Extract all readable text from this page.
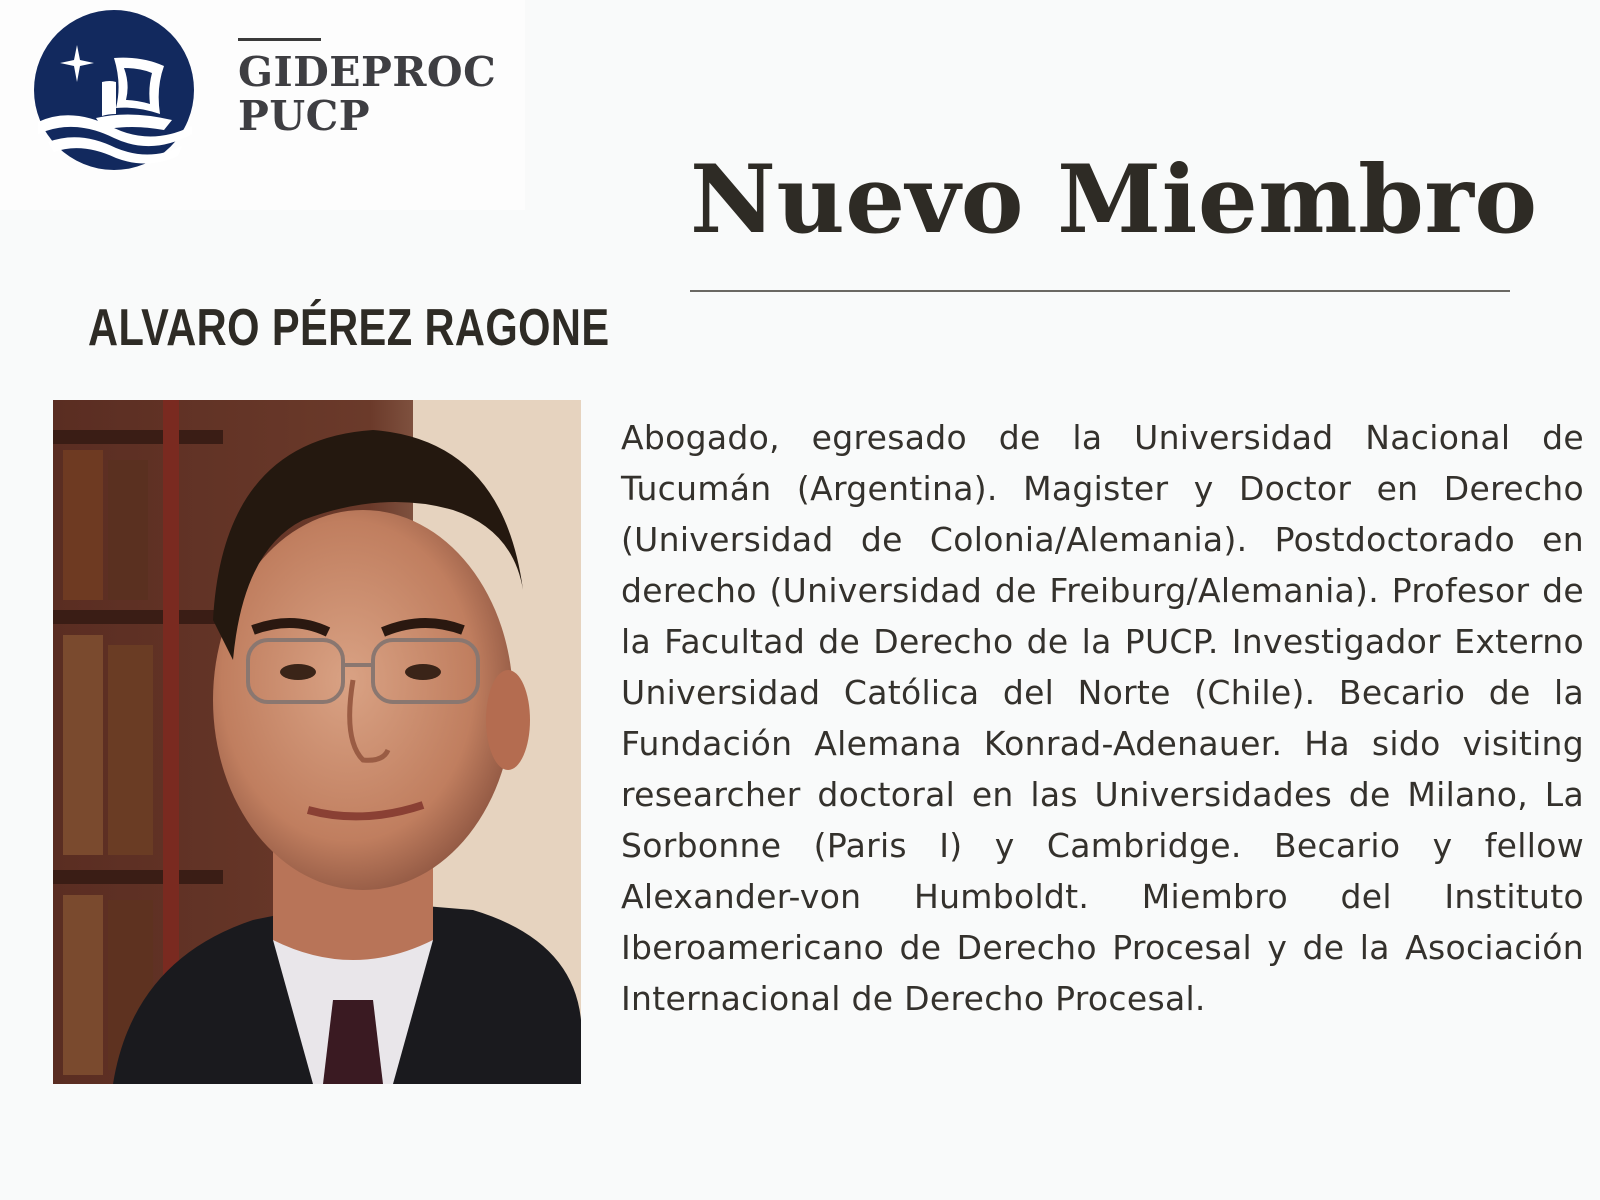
GIDEPROC
PUCP
Nuevo Miembro
ALVARO PÉREZ RAGONE
Abogado, egresado de la Universidad Nacional de Tucumán (Argentina). Magister y Doctor en Derecho (Universidad de Colonia/Alemania). Postdoctorado en derecho (Universidad de Freiburg/Alemania). Profesor de la Facultad de Derecho de la PUCP. Investigador Externo Universidad Católica del Norte (Chile). Becario de la Fundación Alemana Konrad-Adenauer. Ha sido visiting researcher doctoral en las Universidades de Milano, La Sorbonne (Paris I) y Cambridge. Becario y fellow Alexander-von Humboldt. Miembro del Instituto Iberoamericano de Derecho Procesal y de la Asociación Internacional de Derecho Procesal.
